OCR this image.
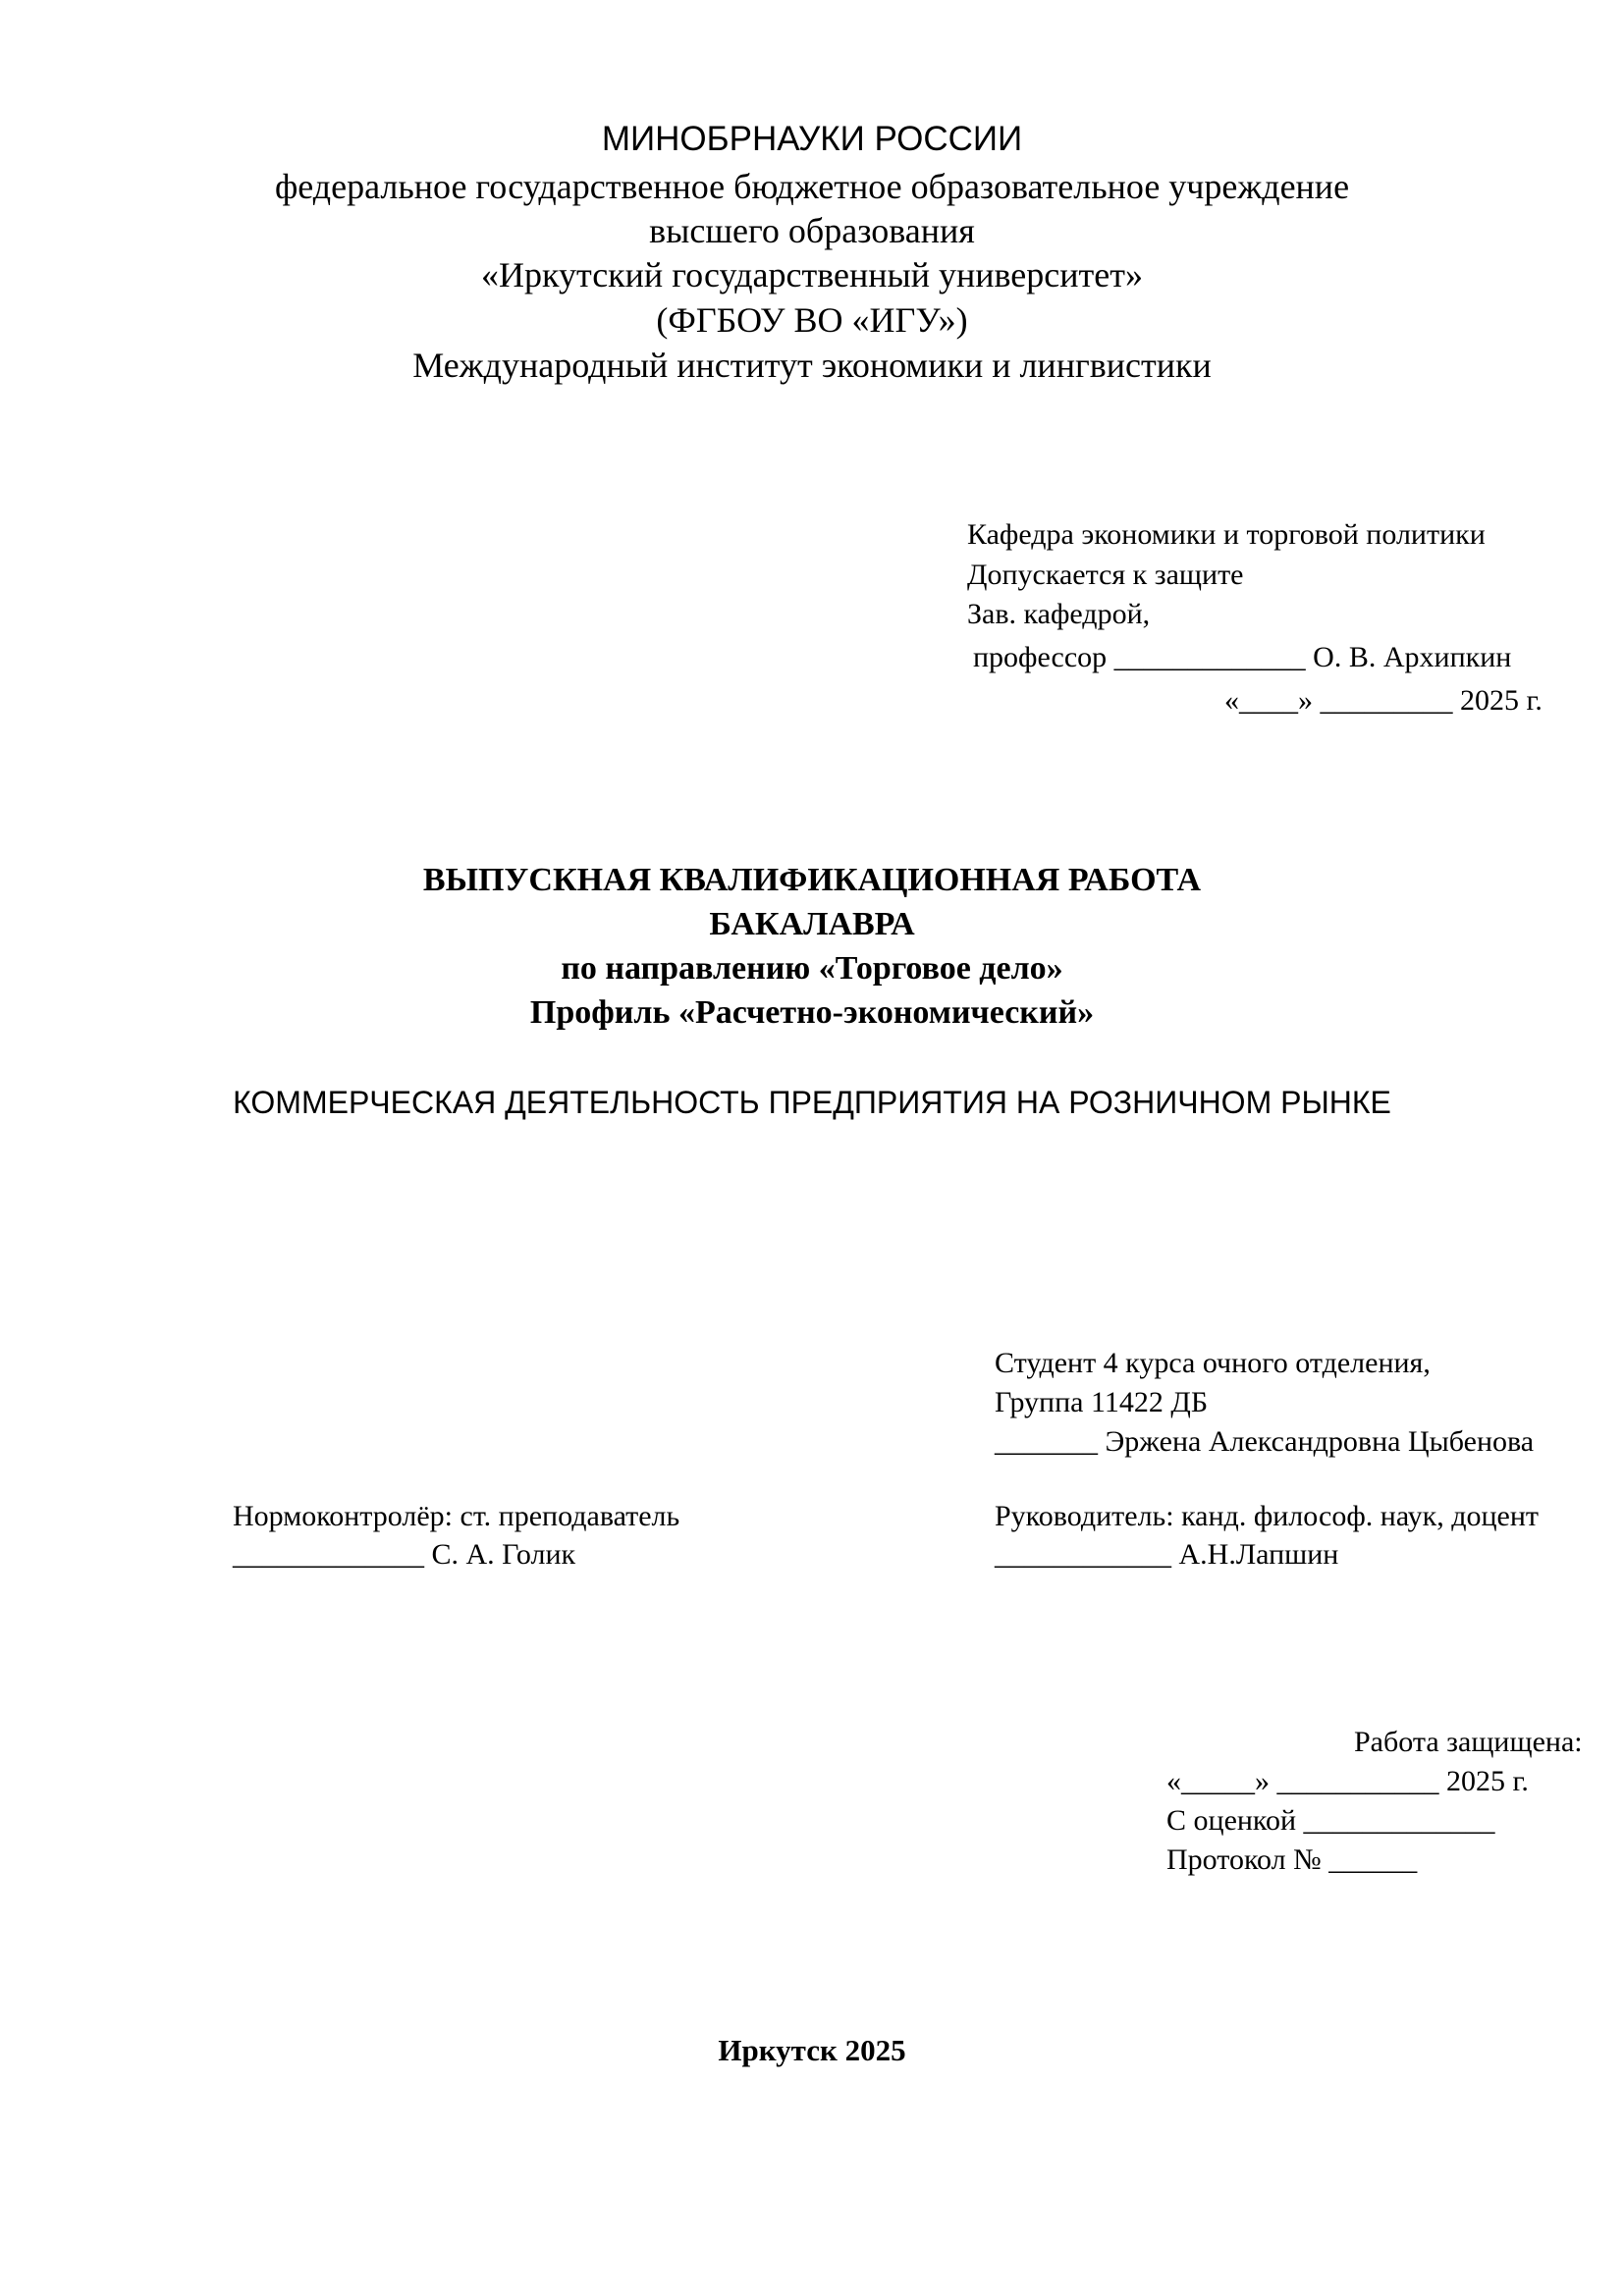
МИНОБРНАУКИ РОССИИ
федеральное государственное бюджетное образовательное учреждение
высшего образования
«Иркутский государственный университет»
(ФГБОУ ВО «ИГУ»)
Международный институт экономики и лингвистики
Кафедра экономики и торговой политики
Допускается к защите
Зав. кафедрой,
профессор _____________ О. В. Архипкин
«____» _________ 2025 г.
ВЫПУСКНАЯ КВАЛИФИКАЦИОННАЯ РАБОТА
БАКАЛАВРА
по направлению «Торговое дело»
Профиль «Расчетно-экономический»
КОММЕРЧЕСКАЯ ДЕЯТЕЛЬНОСТЬ ПРЕДПРИЯТИЯ НА РОЗНИЧНОМ РЫНКЕ
Студент 4 курса очного отделения,
Группа 11422 ДБ
_______ Эржена Александровна Цыбенова
Нормоконтролёр: ст. преподаватель
_____________ С. А. Голик
Руководитель: канд. философ. наук, доцент
____________ А.Н.Лапшин
Работа защищена:
«_____» ___________ 2025 г.
С оценкой _____________
Протокол № ______
Иркутск 2025
